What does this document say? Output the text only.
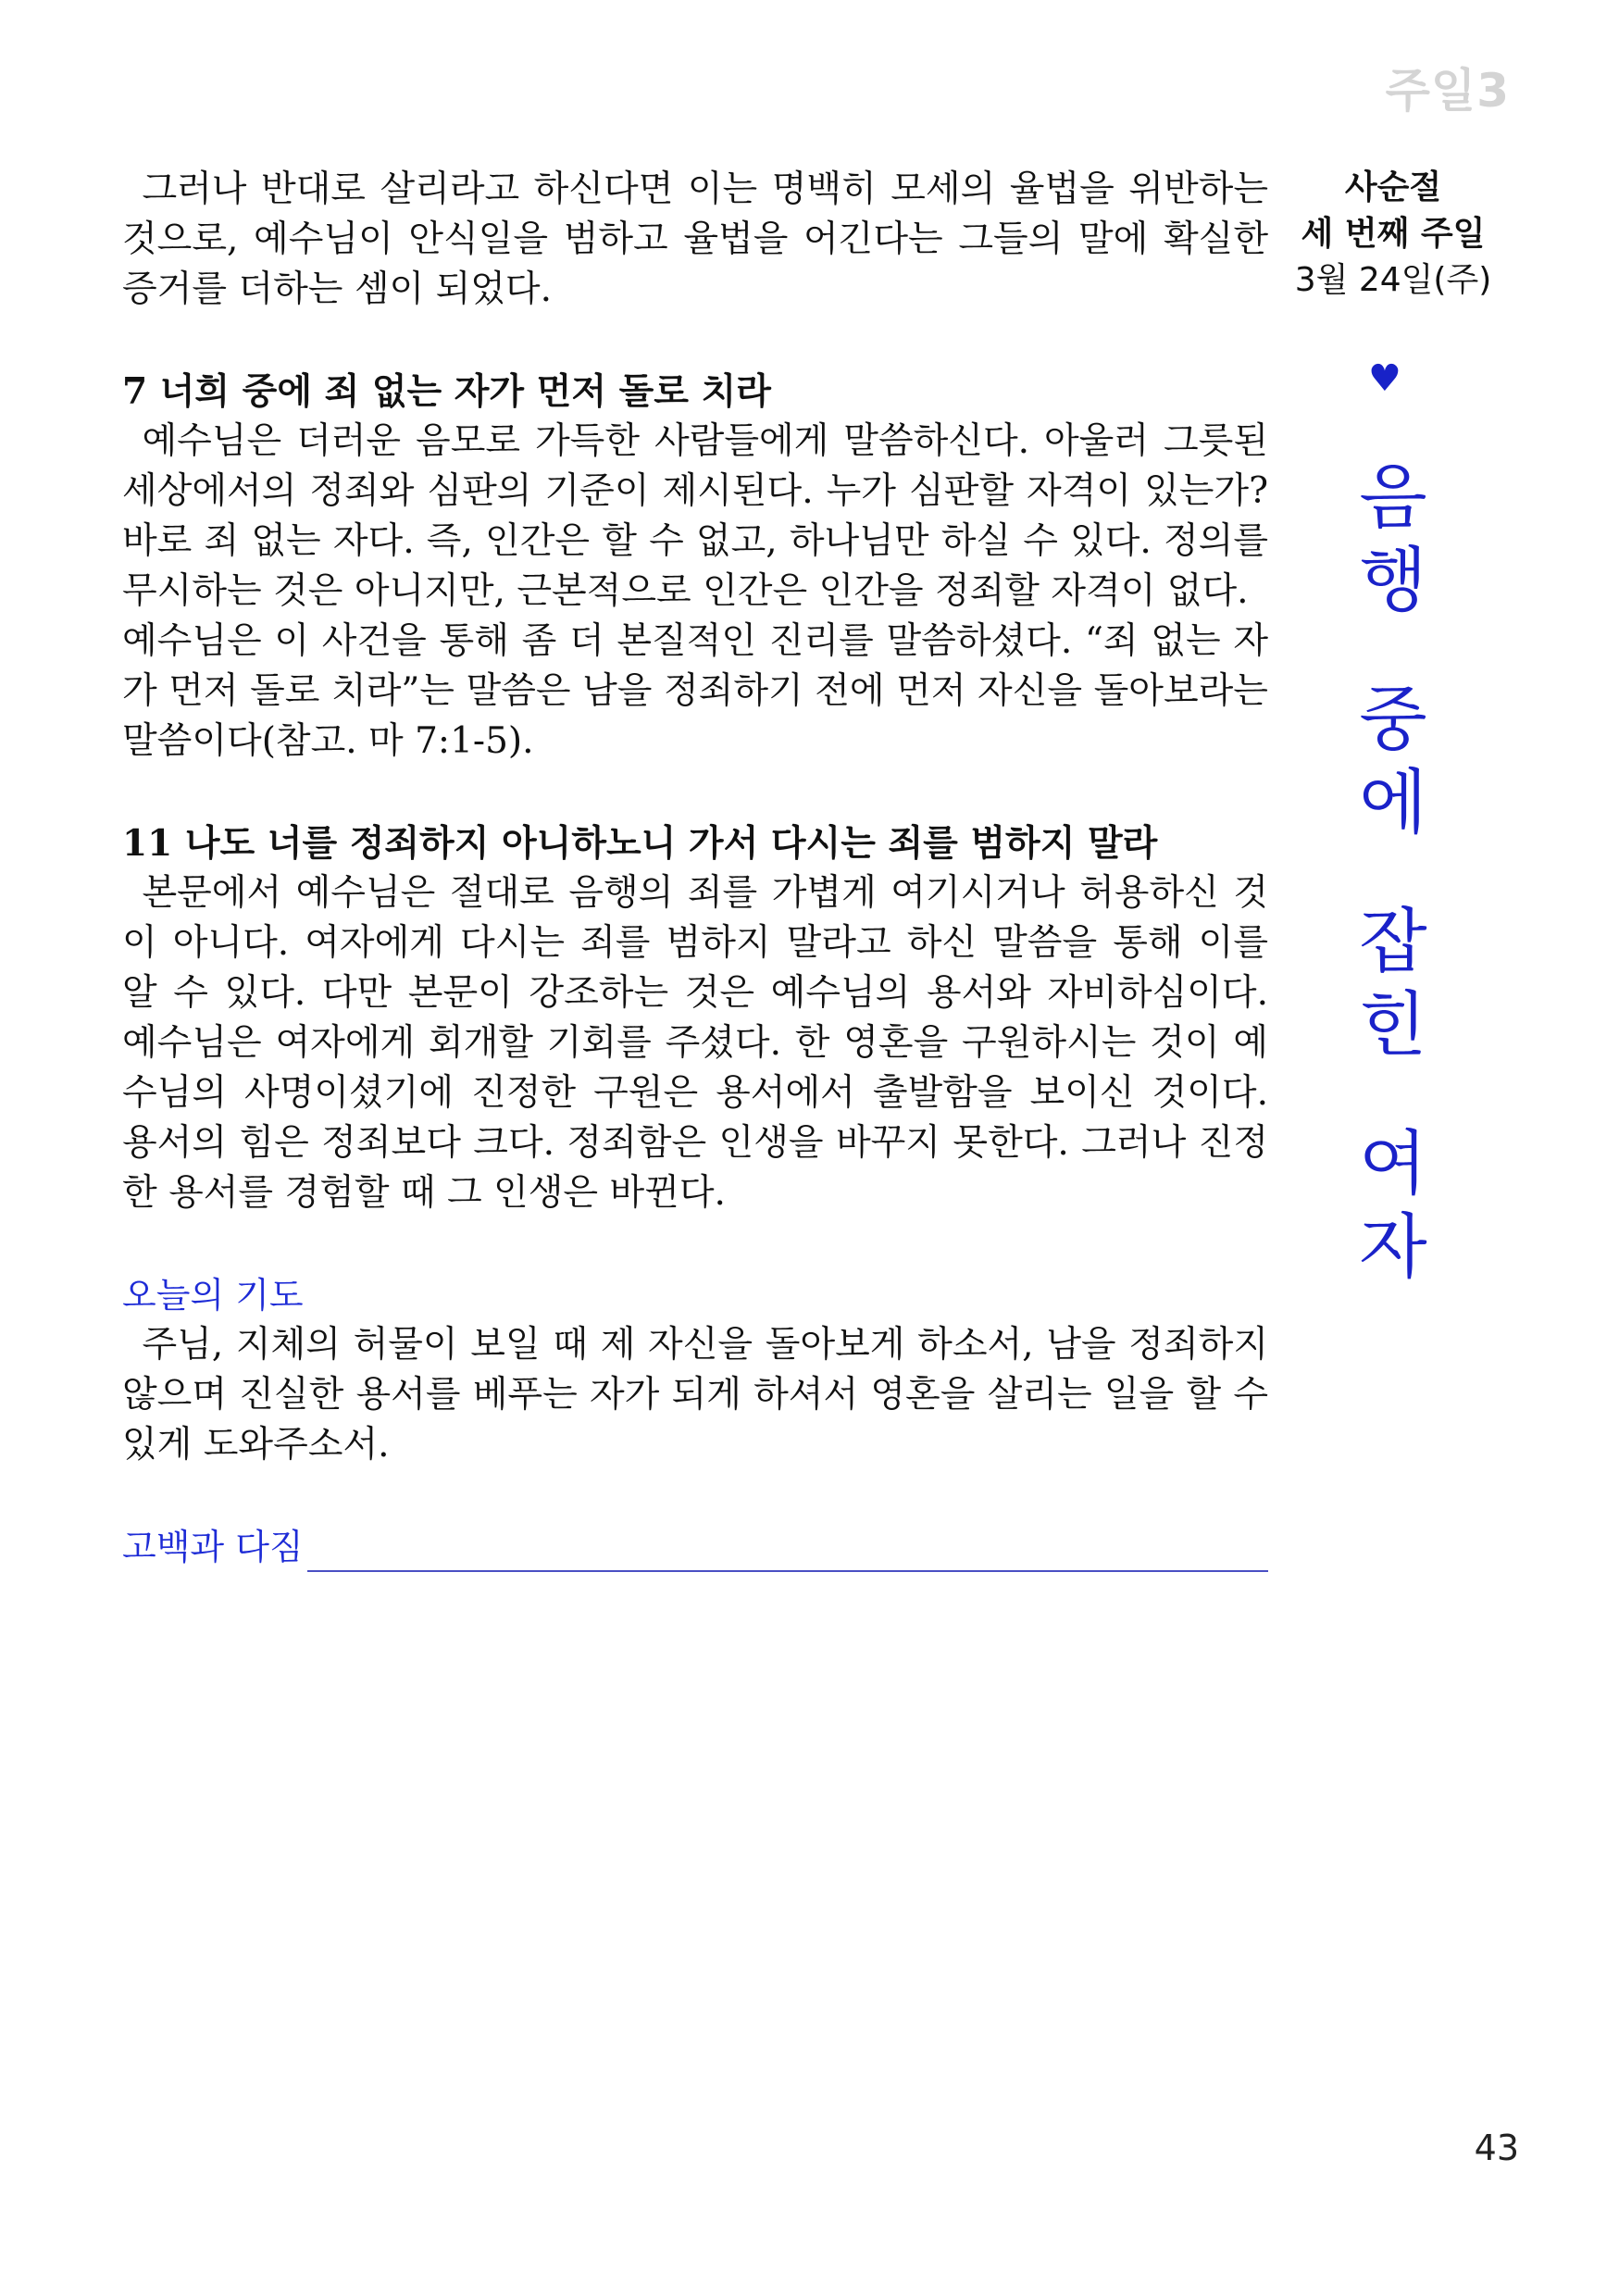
주일3

그러나 반대로 살리라고 하신다면 이는 명백히 모세의 율법을 위반하는 것으로, 예수님이 안식일을 범하고 율법을 어긴다는 그들의 말에 확실한 증거를 더하는 셈이 되었다.

7 너희 중에 죄 없는 자가 먼저 돌로 치라

예수님은 더러운 음모로 가득한 사람들에게 말씀하신다. 아울러 그릇된 세상에서의 정죄와 심판의 기준이 제시된다. 누가 심판할 자격이 있는가? 바로 죄 없는 자다. 즉, 인간은 할 수 없고, 하나님만 하실 수 있다. 정의를 무시하는 것은 아니지만, 근본적으로 인간은 인간을 정죄할 자격이 없다.

예수님은 이 사건을 통해 좀 더 본질적인 진리를 말씀하셨다. “죄 없는 자가 먼저 돌로 치라”는 말씀은 남을 정죄하기 전에 먼저 자신을 돌아보라는 말씀이다(참고. 마 7:1-5).

11 나도 너를 정죄하지 아니하노니 가서 다시는 죄를 범하지 말라

본문에서 예수님은 절대로 음행의 죄를 가볍게 여기시거나 허용하신 것이 아니다. 여자에게 다시는 죄를 범하지 말라고 하신 말씀을 통해 이를 알 수 있다. 다만 본문이 강조하는 것은 예수님의 용서와 자비하심이다. 예수님은 여자에게 회개할 기회를 주셨다. 한 영혼을 구원하시는 것이 예수님의 사명이셨기에 진정한 구원은 용서에서 출발함을 보이신 것이다. 용서의 힘은 정죄보다 크다. 정죄함은 인생을 바꾸지 못한다. 그러나 진정한 용서를 경험할 때 그 인생은 바뀐다.

오늘의 기도

주님, 지체의 허물이 보일 때 제 자신을 돌아보게 하소서, 남을 정죄하지 않으며 진실한 용서를 베푸는 자가 되게 하셔서 영혼을 살리는 일을 할 수 있게 도와주소서.

고백과 다짐
사순절
세 번째 주일
3월 24일(주)
♥
음
행
중
에
잡
힌
여
자
43
